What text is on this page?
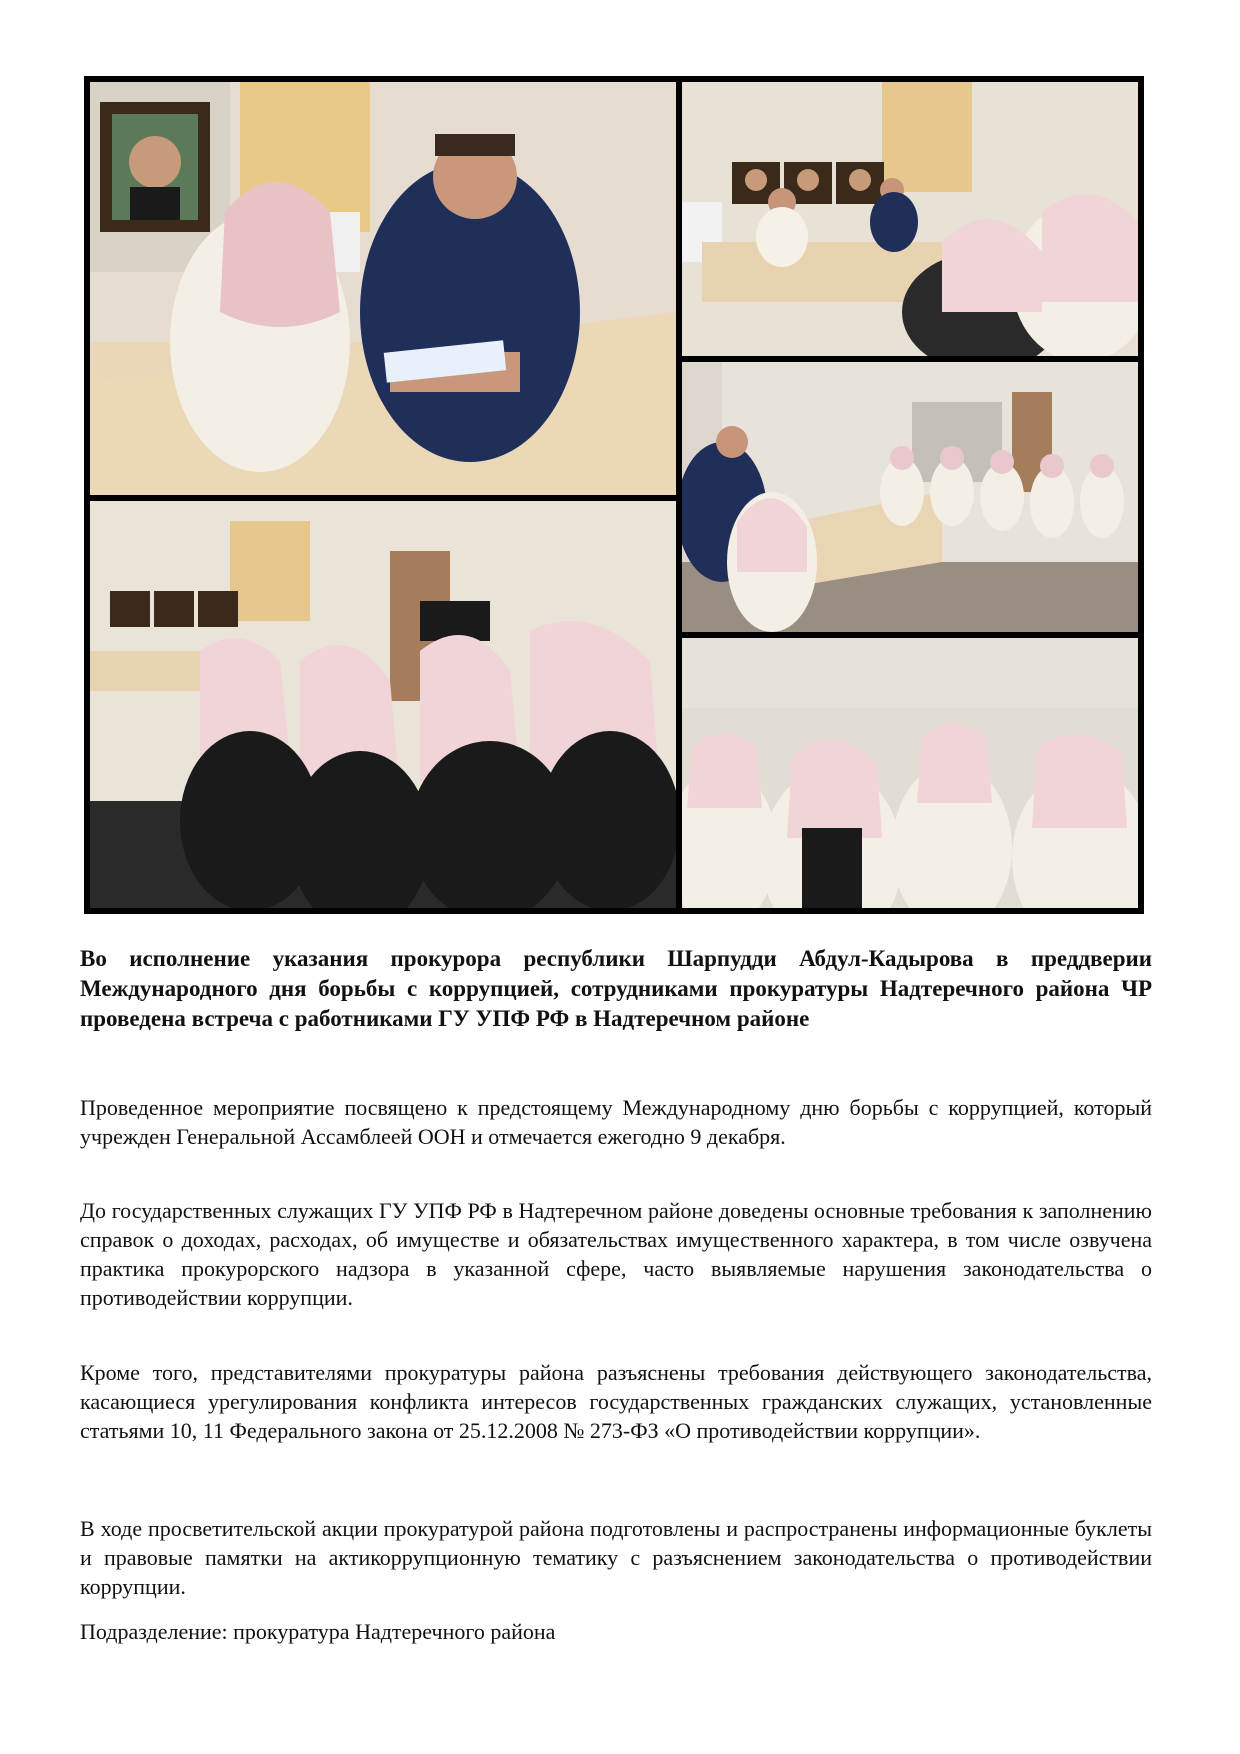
Во исполнение указания прокурора республики Шарпудди Абдул-Кадырова в преддверии Международного дня борьбы с коррупцией, сотрудниками прокуратуры Надтеречного района ЧР проведена встреча с работниками ГУ УПФ РФ в Надтеречном районе
Проведенное мероприятие посвящено к предстоящему Международному дню борьбы с коррупцией, который учрежден Генеральной Ассамблеей ООН и отмечается ежегодно 9 декабря.
До государственных служащих ГУ УПФ РФ в Надтеречном районе доведены основные требования к заполнению справок о доходах, расходах, об имуществе и обязательствах имущественного характера, в том числе озвучена практика прокурорского надзора в указанной сфере, часто выявляемые нарушения законодательства о противодействии коррупции.
Кроме того, представителями прокуратуры района разъяснены требования действующего законодательства, касающиеся урегулирования конфликта интересов государственных гражданских служащих, установленные статьями 10, 11 Федерального закона от 25.12.2008 № 273-ФЗ «О противодействии коррупции».
В ходе просветительской акции прокуратурой района подготовлены и распространены информационные буклеты и правовые памятки на актикоррупционную тематику с разъяснением законодательства о противодействии коррупции.
Подразделение: прокуратура Надтеречного района
